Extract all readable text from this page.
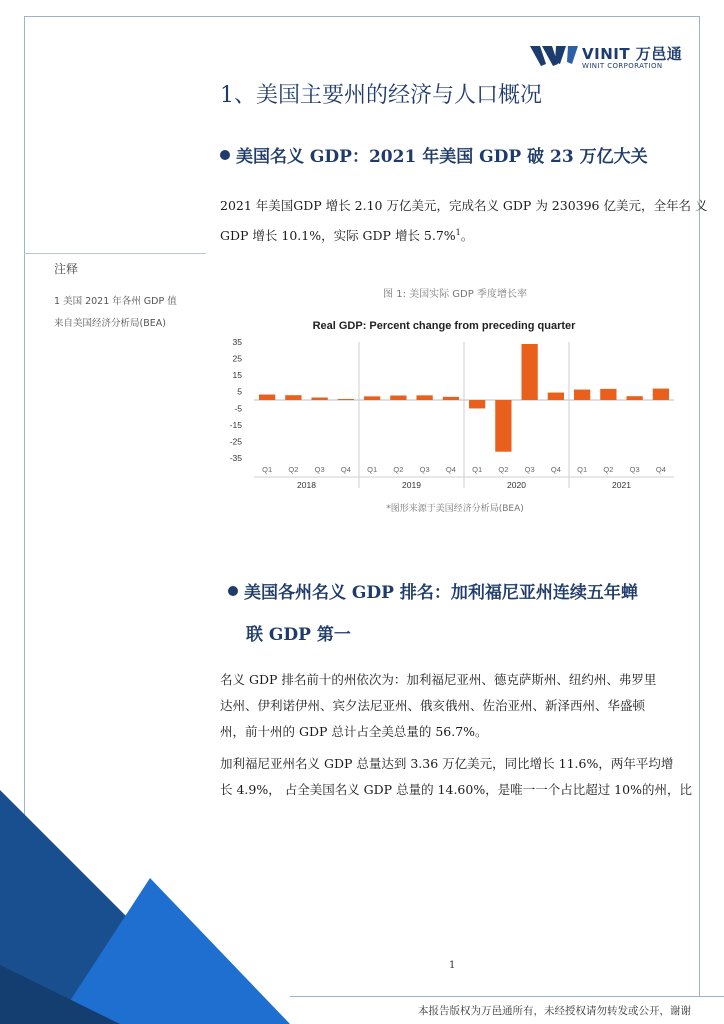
VINIT 万邑通
WINIT CORPORATION
1、美国主要州的经济与人口概况
美国名义 GDP：2021 年美国 GDP 破 23 万亿大关
2021 年美国GDP 增长 2.10 万亿美元，完成名义 GDP 为 230396 亿美元，全年名 义
GDP 增长 10.1%，实际 GDP 增长 5.7%$^1$。
注释
1 美国 2021 年各州 GDP 值
来自美国经济分析局(BEA)
图 1: 美国实际 GDP 季度增长率
Real GDP: Percent change from preceding quarter
35
25
15
5
-5
-15
-25
-35
Q1 Q2 Q3 Q4 Q1 Q2 Q3 Q4 Q1 Q2 Q3 Q4 Q1 Q2 Q3 Q4
2018	2019	2020	2021
*图形来源于美国经济分析局(BEA)
美国各州名义 GDP 排名：加利福尼亚州连续五年蝉
联 GDP 第一
名义 GDP 排名前十的州依次为：加利福尼亚州、德克萨斯州、纽约州、弗罗里
达州、伊利诺伊州、宾夕法尼亚州、俄亥俄州、佐治亚州、新泽西州、华盛顿
州，前十州的 GDP 总计占全美总量的 56.7%。
加利福尼亚州名义 GDP 总量达到 3.36 万亿美元，同比增长 11.6%，两年平均增
长 4.9%， 占全美国名义 GDP 总量的 14.60%，是唯一一个占比超过 10%的州，比
1
本报告版权为万邑通所有，未经授权请勿转发或公开，谢谢
